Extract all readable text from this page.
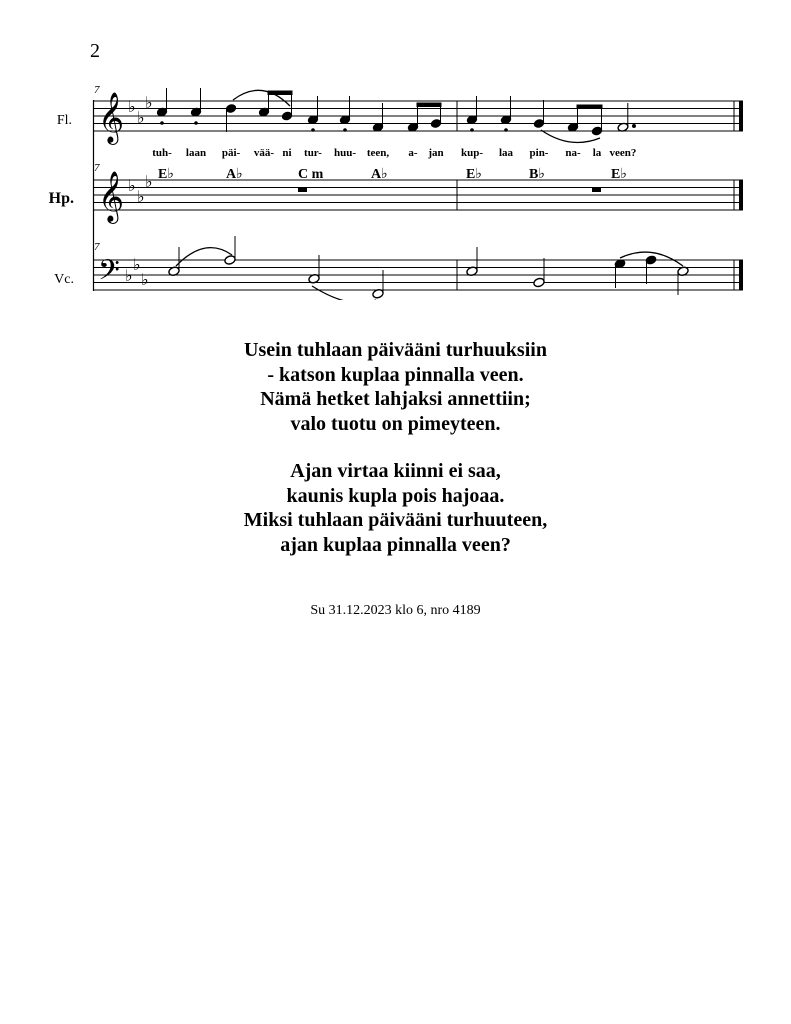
2
7
7
7
Fl.
Hp.
Vc.
𝄞 ♭
♭
♭
tuh- laan päi- vää- ni tur- huu- teen, a- jan kup- laa pin- na- la veen?
𝄞 ♭
♭
♭ E♭	A♭	C m	A♭	E♭	B♭	E♭
𝄢 ♭
♭
♭
Usein tuhlaan päivääni turhuuksiin
- katson kuplaa pinnalla veen.
Nämä hetket lahjaksi annettiin;
valo tuotu on pimeyteen.
Ajan virtaa kiinni ei saa,
kaunis kupla pois hajoaa.
Miksi tuhlaan päivääni turhuuteen,
ajan kuplaa pinnalla veen?
Su 31.12.2023 klo 6, nro 4189
